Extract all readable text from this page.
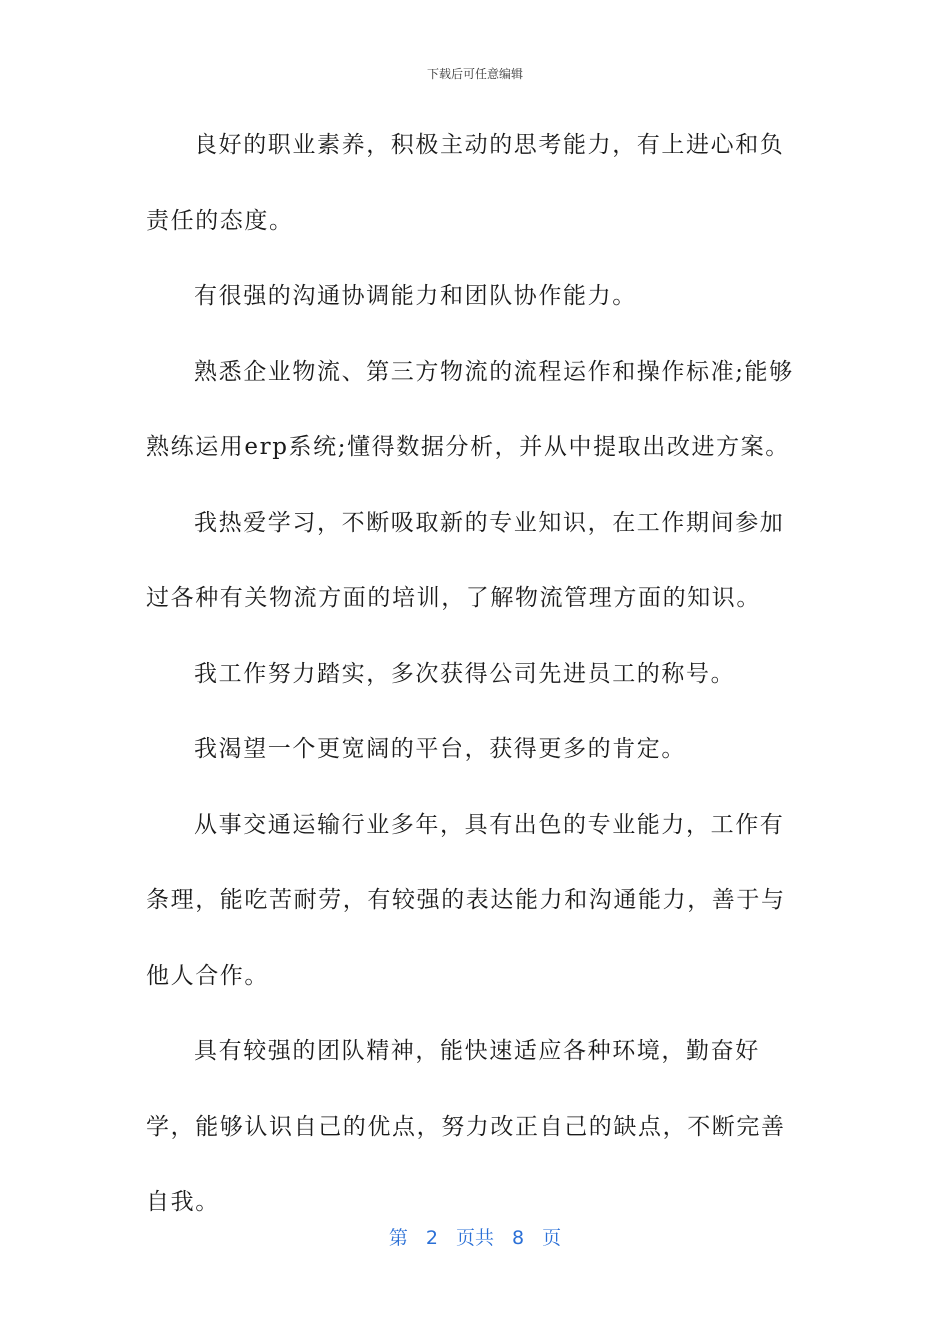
下载后可任意编辑

良好的职业素养，积极主动的思考能力，有上进心和负责任的态度。

有很强的沟通协调能力和团队协作能力。

熟悉企业物流、第三方物流的流程运作和操作标准;能够熟练运用erp系统;懂得数据分析，并从中提取出改进方案。

我热爱学习，不断吸取新的专业知识，在工作期间参加过各种有关物流方面的培训，了解物流管理方面的知识。

我工作努力踏实，多次获得公司先进员工的称号。

我渴望一个更宽阔的平台，获得更多的肯定。

从事交通运输行业多年，具有出色的专业能力，工作有条理，能吃苦耐劳，有较强的表达能力和沟通能力，善于与他人合作。

具有较强的团队精神，能快速适应各种环境，勤奋好学，能够认识自己的优点，努力改正自己的缺点，不断完善自我。

第 2 页共 8 页
